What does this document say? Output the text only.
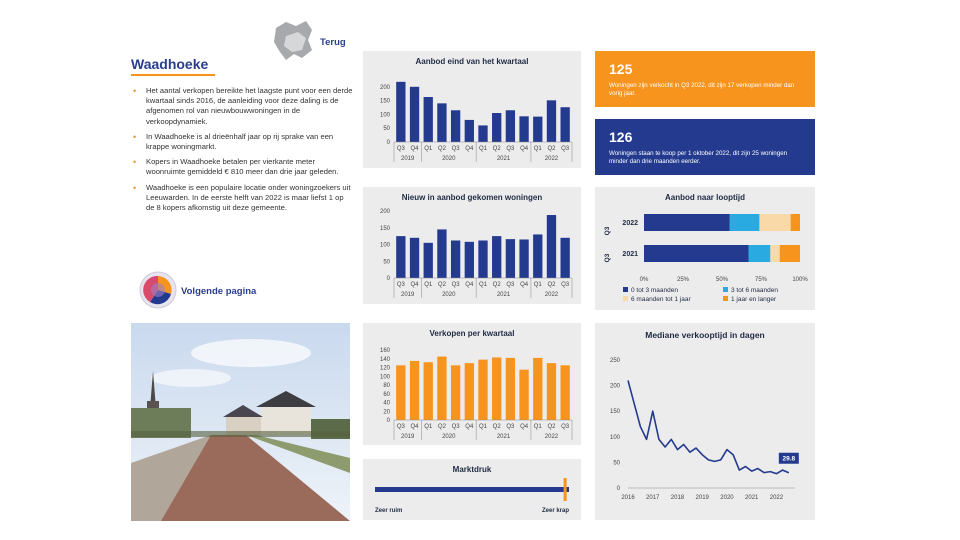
Terug
Waadhoeke
• Het aantal verkopen bereikte het laagste punt voor een derde kwartaal sinds 2016, de aanleiding voor deze daling is de afgenomen rol van nieuwbouwwoningen in de verkoopdynamiek.
• In Waadhoeke is al drieënhalf jaar op rij sprake van een krappe woningmarkt.
• Kopers in Waadhoeke betalen per vierkante meter woonruimte gemiddeld € 810 meer dan drie jaar geleden.
• Waadhoeke is een populaire locatie onder woningzoekers uit Leeuwarden. In de eerste helft van 2022 is maar liefst 1 op de 8 kopers afkomstig uit deze gemeente.
Volgende pagina
Aanbod eind van het kwartaal
0
50
100
150
200
Q3 Q4 Q1 Q2 Q3 Q4 Q1 Q2 Q3 Q4 Q1 Q2 Q3
2019	2020	2021	2022
Nieuw in aanbod gekomen woningen
0
50
100
150
200
Q3 Q4 Q1 Q2 Q3 Q4 Q1 Q2 Q3 Q4 Q1 Q2 Q3
2019	2020	2021	2022
Verkopen per kwartaal
0
20
40
60
80
100
120
140
160
Q3 Q4 Q1 Q2 Q3 Q4 Q1 Q2 Q3 Q4 Q1 Q2 Q3
2019	2020	2021	2022
Marktdruk
Zeer ruim	Zeer krap
125
Woningen zijn verkocht in Q3 2022, dit zijn 17 verkopen minder dan vorig jaar.
126
Woningen staan te koop per 1 oktober 2022, dit zijn 25 woningen minder dan drie maanden eerder.
Aanbod naar looptijd
Q3
Q3
2022
2021
0%	25%	50%	75%	100%
0 tot 3 maanden	3 tot 6 maanden
6 maanden tot 1 jaar	1 jaar en langer
Mediane verkooptijd in dagen
0
50
100
150
200
250
2016 2017 2018 2019 2020 2021 2022
29.8
